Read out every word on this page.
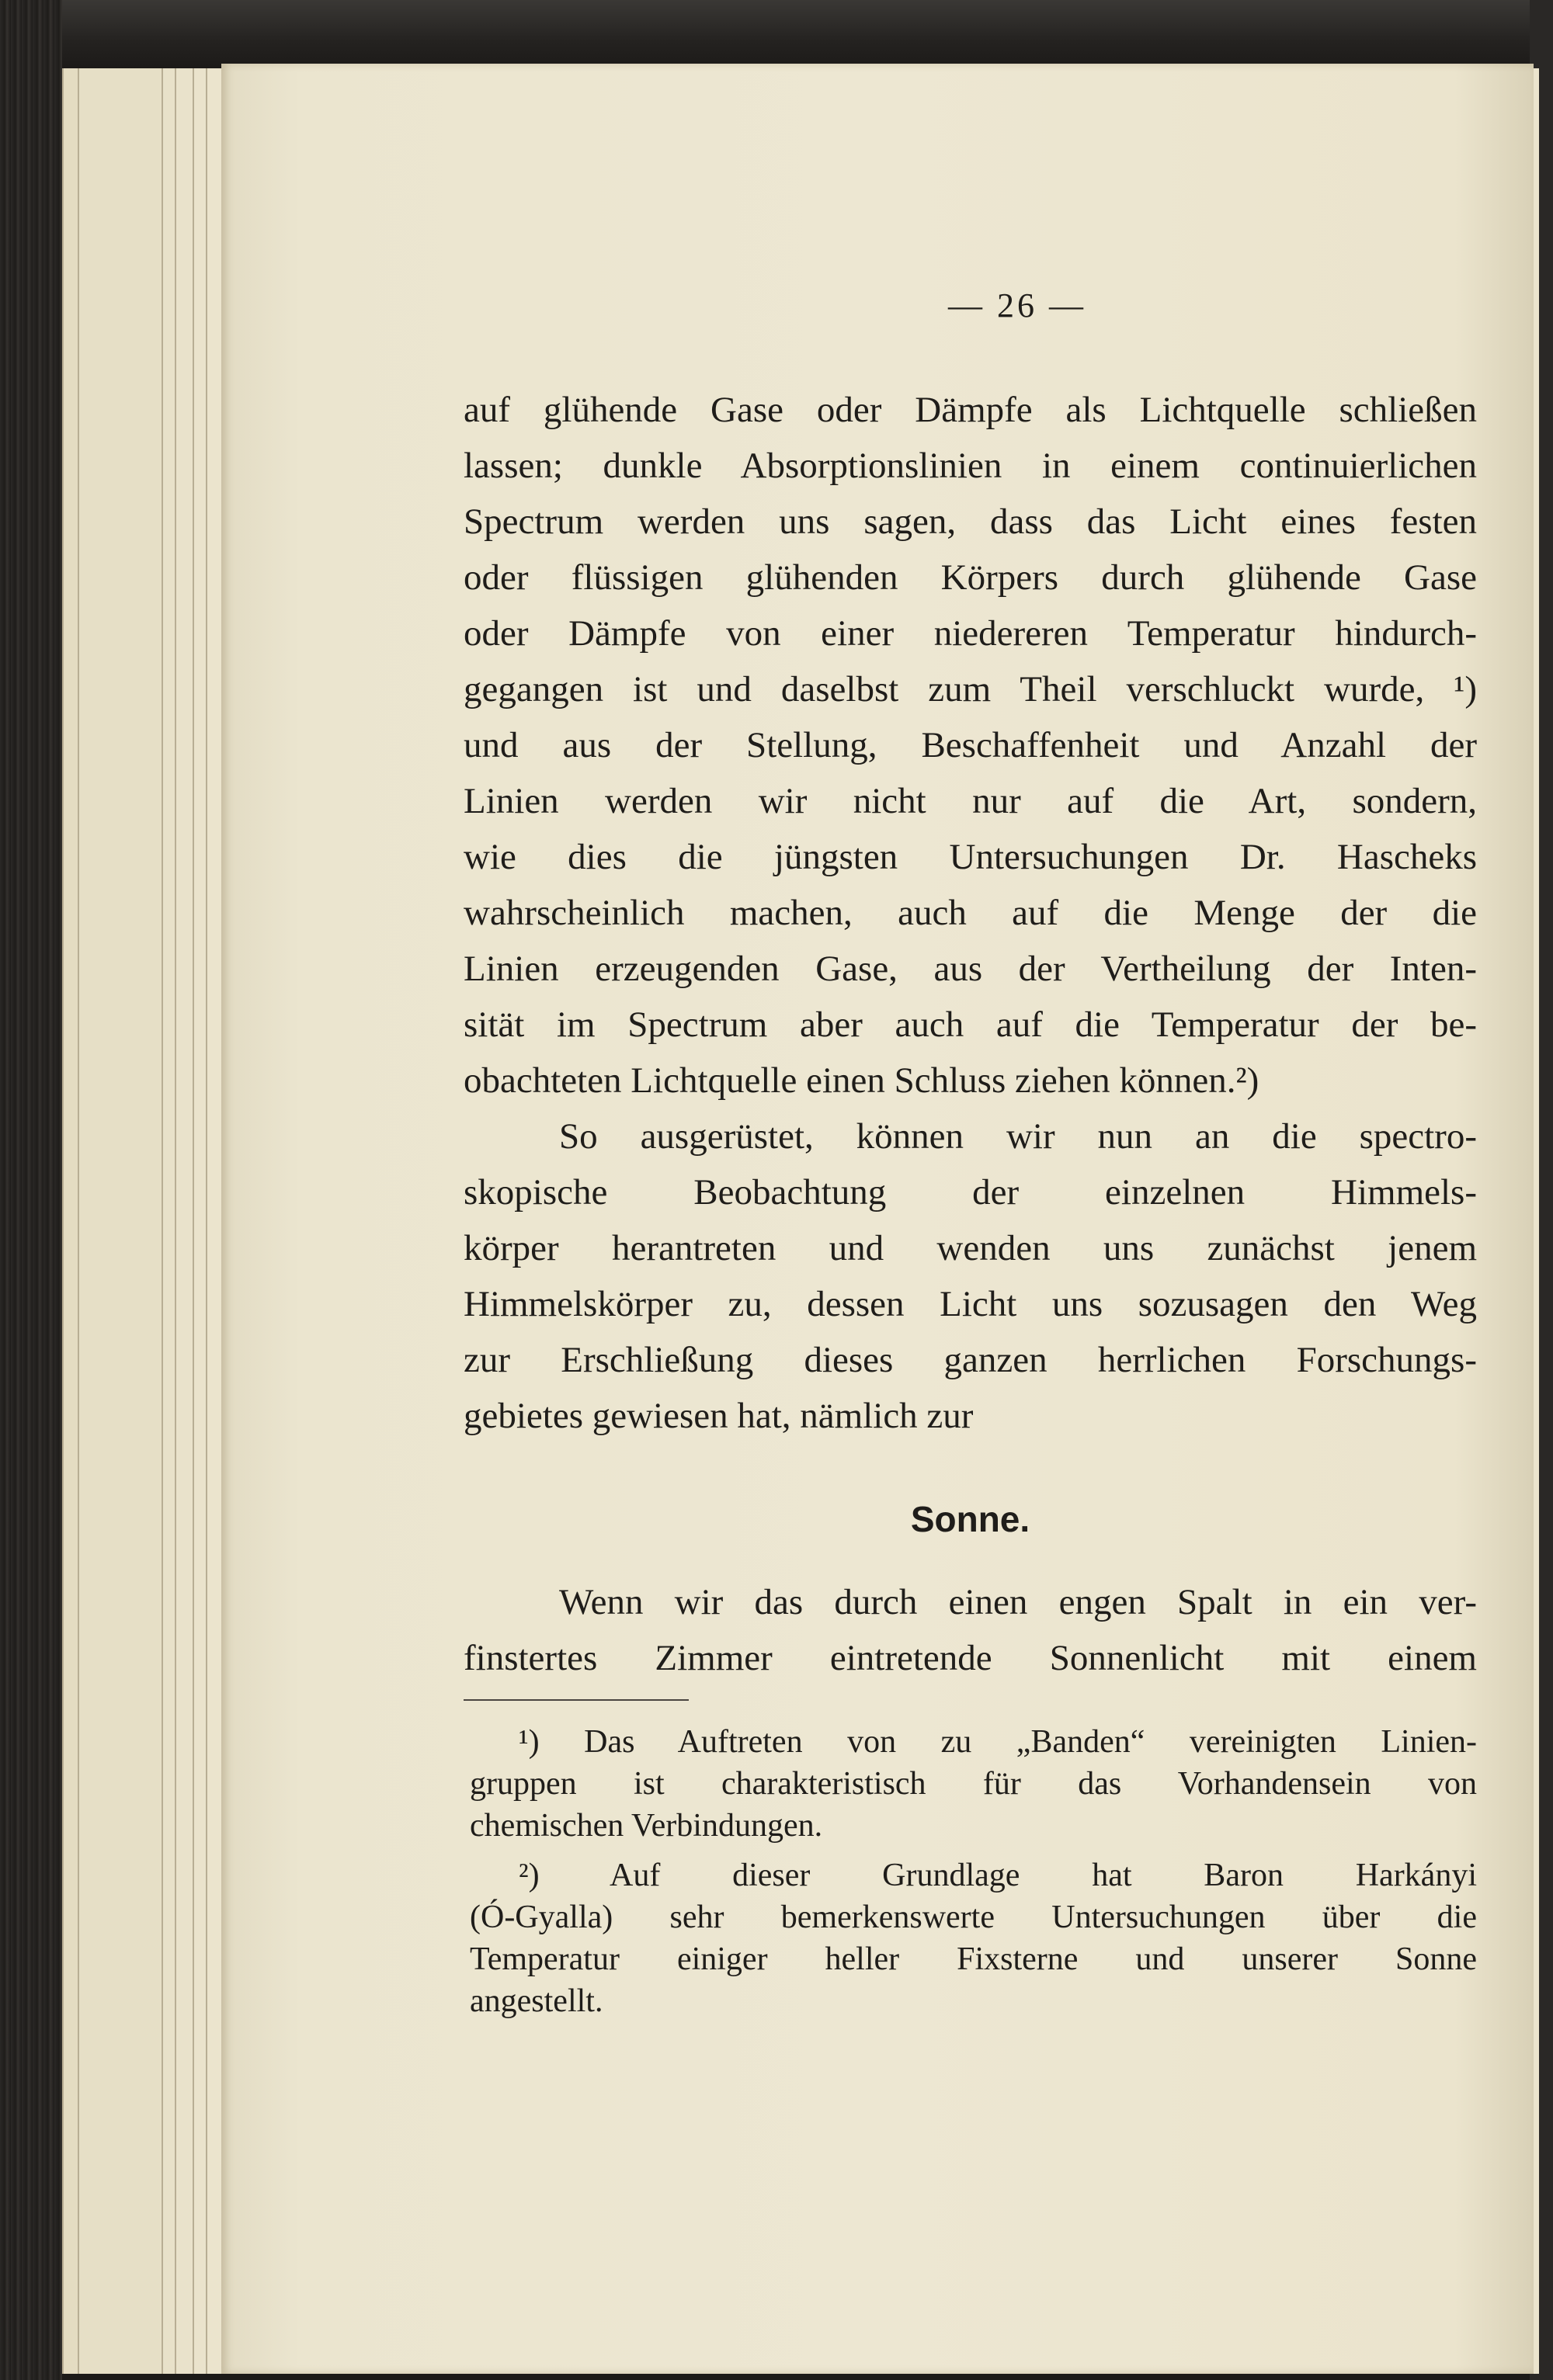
— 26 —
auf glühende Gase oder Dämpfe als Lichtquelle schließen
lassen; dunkle Absorptionslinien in einem continuierlichen
Spectrum werden uns sagen, dass das Licht eines festen
oder flüssigen glühenden Körpers durch glühende Gase
oder Dämpfe von einer niedereren Temperatur hindurch-
gegangen ist und daselbst zum Theil verschluckt wurde, ¹)
und aus der Stellung, Beschaffenheit und Anzahl der
Linien werden wir nicht nur auf die Art, sondern,
wie dies die jüngsten Untersuchungen Dr. Hascheks
wahrscheinlich machen, auch auf die Menge der die
Linien erzeugenden Gase, aus der Vertheilung der Inten-
sität im Spectrum aber auch auf die Temperatur der be-
obachteten Lichtquelle einen Schluss ziehen können.²)
So ausgerüstet, können wir nun an die spectro-
skopische Beobachtung der einzelnen Himmels-
körper herantreten und wenden uns zunächst jenem
Himmelskörper zu, dessen Licht uns sozusagen den Weg
zur Erschließung dieses ganzen herrlichen Forschungs-
gebietes gewiesen hat, nämlich zur
Sonne.
Wenn wir das durch einen engen Spalt in ein ver-
finstertes Zimmer eintretende Sonnenlicht mit einem
¹) Das Auftreten von zu „Banden“ vereinigten Linien-
gruppen ist charakteristisch für das Vorhandensein von
chemischen Verbindungen.
²) Auf dieser Grundlage hat Baron Harkányi
(Ó-Gyalla) sehr bemerkenswerte Untersuchungen über die
Temperatur einiger heller Fixsterne und unserer Sonne
angestellt.
